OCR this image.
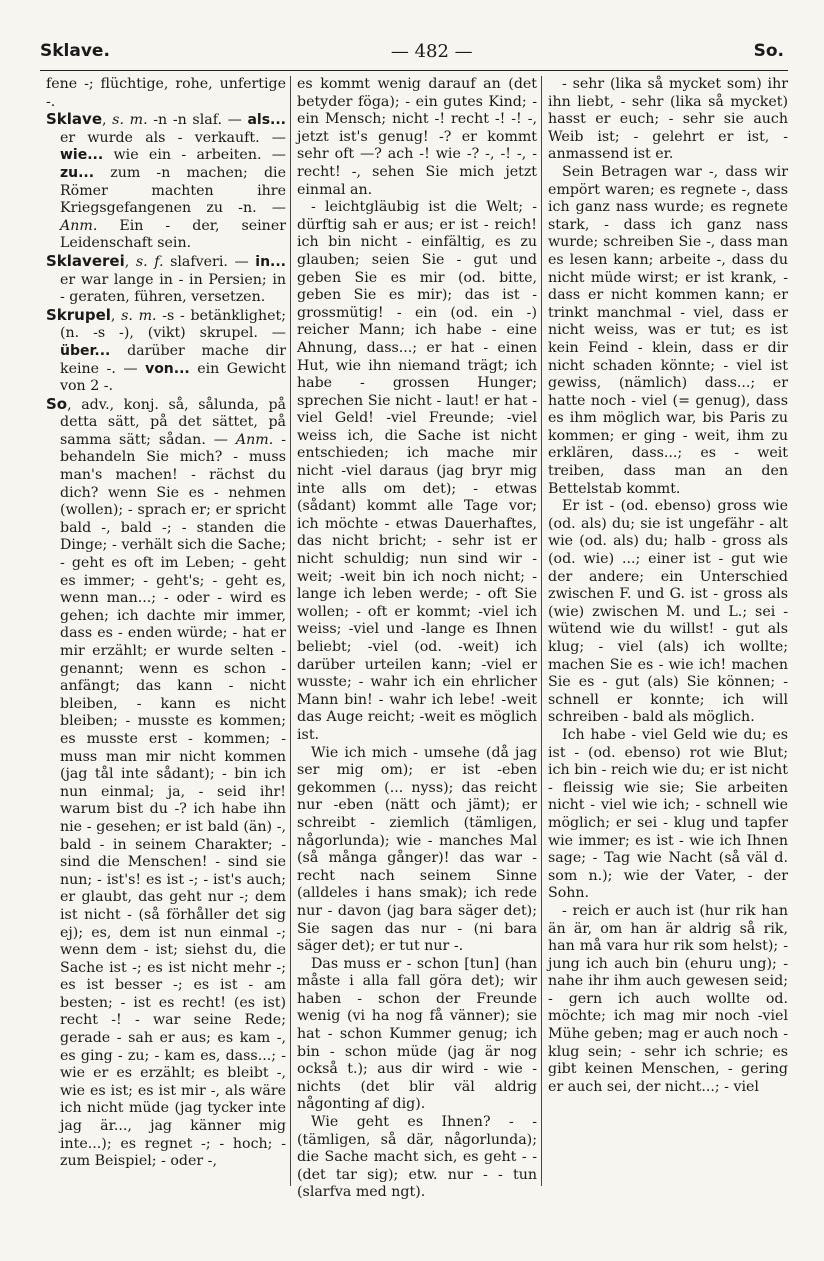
Sklave.	— 482 —	So.

fene -; flüchtige, rohe, unfertige -.

Sklave, s. m. -n -n slaf. — als... er wurde als - verkauft. — wie... wie ein - arbeiten. — zu... zum -n machen; die Römer machten ihre Kriegsgefangenen zu -n. — Anm. Ein - der, seiner Leidenschaft sein.

Sklaverei, s. f. slafveri. — in... er war lange in - in Persien; in - geraten, führen, versetzen.

Skrupel, s. m. -s - betänklighet; (n. -s -), (vikt) skrupel. — über... darüber mache dir keine -. — von... ein Gewicht von 2 -.

So, adv., konj. så, sålunda, på detta sätt, på det sättet, på samma sätt; sådan. — Anm. - behandeln Sie mich? - muss man's machen! - rächst du dich? wenn Sie es - nehmen (wollen); - sprach er; er spricht bald -, bald -; - standen die Dinge; - verhält sich die Sache; - geht es oft im Leben; - geht es immer; - geht's; - geht es, wenn man...; - oder - wird es gehen; ich dachte mir immer, dass es - enden würde; - hat er mir erzählt; er wurde selten - genannt; wenn es schon - anfängt; das kann - nicht bleiben, - kann es nicht bleiben; - musste es kommen; es musste erst - kommen; - muss man mir nicht kommen (jag tål inte sådant); - bin ich nun einmal; ja, - seid ihr! warum bist du -? ich habe ihn nie - gesehen; er ist bald (än) -, bald - in seinem Charakter; - sind die Menschen! - sind sie nun; - ist's! es ist -; - ist's auch; er glaubt, das geht nur -; dem ist nicht - (så förhåller det sig ej); es, dem ist nun einmal -; wenn dem - ist; siehst du, die Sache ist -; es ist nicht mehr -; es ist besser -; es ist - am besten; - ist es recht! (es ist) recht -! - war seine Rede; gerade - sah er aus; es kam -, es ging - zu; - kam es, dass...; - wie er es erzählt; es bleibt -, wie es ist; es ist mir -, als wäre ich nicht müde (jag tycker inte jag är..., jag känner mig inte...); es regnet -; - hoch; - zum Beispiel; - oder -,

es kommt wenig darauf an (det betyder föga); - ein gutes Kind; - ein Mensch; nicht -! recht -! -! -, jetzt ist's genug! -? er kommt sehr oft —? ach -! wie -? -, -! -, - recht! -, sehen Sie mich jetzt einmal an.

- leichtgläubig ist die Welt; - dürftig sah er aus; er ist - reich! ich bin nicht - einfältig, es zu glauben; seien Sie - gut und geben Sie es mir (od. bitte, geben Sie es mir); das ist - grossmütig! - ein (od. ein -) reicher Mann; ich habe - eine Ahnung, dass...; er hat - einen Hut, wie ihn niemand trägt; ich habe - grossen Hunger; sprechen Sie nicht - laut! er hat -viel Geld! -viel Freunde; -viel weiss ich, die Sache ist nicht entschieden; ich mache mir nicht -viel daraus (jag bryr mig inte alls om det); - etwas (sådant) kommt alle Tage vor; ich möchte - etwas Dauerhaftes, das nicht bricht; - sehr ist er nicht schuldig; nun sind wir - weit; -weit bin ich noch nicht; -lange ich leben werde; - oft Sie wollen; - oft er kommt; -viel ich weiss; -viel und -lange es Ihnen beliebt; -viel (od. -weit) ich darüber urteilen kann; -viel er wusste; - wahr ich ein ehrlicher Mann bin! - wahr ich lebe! -weit das Auge reicht; -weit es möglich ist.

Wie ich mich - umsehe (då jag ser mig om); er ist -eben gekommen (... nyss); das reicht nur -eben (nätt och jämt); er schreibt - ziemlich (tämligen, någorlunda); wie - manches Mal (så många gånger)! das war - recht nach seinem Sinne (alldeles i hans smak); ich rede nur - davon (jag bara säger det); Sie sagen das nur - (ni bara säger det); er tut nur -.

Das muss er - schon [tun] (han måste i alla fall göra det); wir haben - schon der Freunde wenig (vi ha nog få vänner); sie hat - schon Kummer genug; ich bin - schon müde (jag är nog också t.); aus dir wird - wie - nichts (det blir väl aldrig någonting af dig).

Wie geht es Ihnen? - - (tämligen, så där, någorlunda); die Sache macht sich, es geht - - (det tar sig); etw. nur - - tun (slarfva med ngt).

- sehr (lika så mycket som) ihr ihn liebt, - sehr (lika så mycket) hasst er euch; - sehr sie auch Weib ist; - gelehrt er ist, - anmassend ist er.

Sein Betragen war -, dass wir empört waren; es regnete -, dass ich ganz nass wurde; es regnete stark, - dass ich ganz nass wurde; schreiben Sie -, dass man es lesen kann; arbeite -, dass du nicht müde wirst; er ist krank, - dass er nicht kommen kann; er trinkt manchmal - viel, dass er nicht weiss, was er tut; es ist kein Feind - klein, dass er dir nicht schaden könnte; - viel ist gewiss, (nämlich) dass...; er hatte noch - viel (= genug), dass es ihm möglich war, bis Paris zu kommen; er ging - weit, ihm zu erklären, dass...; es - weit treiben, dass man an den Bettelstab kommt.

Er ist - (od. ebenso) gross wie (od. als) du; sie ist ungefähr - alt wie (od. als) du; halb - gross als (od. wie) ...; einer ist - gut wie der andere; ein Unterschied zwischen F. und G. ist - gross als (wie) zwischen M. und L.; sei - wütend wie du willst! - gut als klug; - viel (als) ich wollte; machen Sie es - wie ich! machen Sie es - gut (als) Sie können; - schnell er konnte; ich will schreiben - bald als möglich.

Ich habe - viel Geld wie du; es ist - (od. ebenso) rot wie Blut; ich bin - reich wie du; er ist nicht - fleissig wie sie; Sie arbeiten nicht - viel wie ich; - schnell wie möglich; er sei - klug und tapfer wie immer; es ist - wie ich Ihnen sage; - Tag wie Nacht (så väl d. som n.); wie der Vater, - der Sohn.

- reich er auch ist (hur rik han än är, om han är aldrig så rik, han må vara hur rik som helst); - jung ich auch bin (ehuru ung); - nahe ihr ihm auch gewesen seid; - gern ich auch wollte od. möchte; ich mag mir noch -viel Mühe geben; mag er auch noch - klug sein; - sehr ich schrie; es gibt keinen Menschen, - gering er auch sei, der nicht...; - viel
